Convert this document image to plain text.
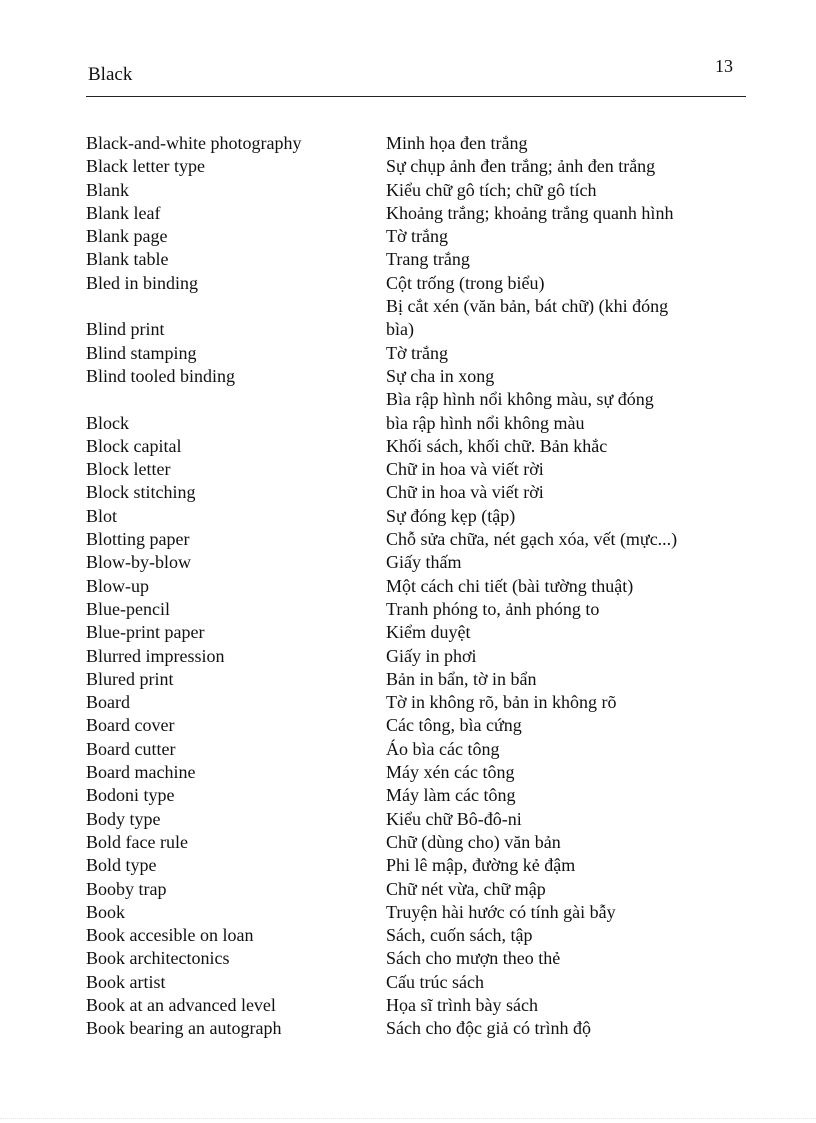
Black	13
Black-and-white photography
Black letter type
Blank
Blank leaf
Blank page
Blank table
Bled in binding
Blind print
Blind stamping
Blind tooled binding
Block
Block capital
Block letter
Block stitching
Blot
Blotting paper
Blow-by-blow
Blow-up
Blue-pencil
Blue-print paper
Blurred impression
Blured print
Board
Board cover
Board cutter
Board machine
Bodoni type
Body type
Bold face rule
Bold type
Booby trap
Book
Book accesible on loan
Book architectonics
Book artist
Book at an advanced level
Book bearing an autograph
Minh họa đen trắng
Sự chụp ảnh đen trắng; ảnh đen trắng
Kiểu chữ gô tích; chữ gô tích
Khoảng trắng; khoảng trắng quanh hình
Tờ trắng
Trang trắng
Cột trống (trong biểu)
Bị cắt xén (văn bản, bát chữ) (khi đóng
bìa)
Tờ trắng
Sự cha in xong
Bìa rập hình nổi không màu, sự đóng
bìa rập hình nổi không màu
Khối sách, khối chữ. Bản khắc
Chữ in hoa và viết rời
Chữ in hoa và viết rời
Sự đóng kẹp (tập)
Chỗ sửa chữa, nét gạch xóa, vết (mực...)
Giấy thấm
Một cách chi tiết (bài tường thuật)
Tranh phóng to, ảnh phóng to
Kiểm duyệt
Giấy in phơi
Bản in bẩn, tờ in bẩn
Tờ in không rõ, bản in không rõ
Các tông, bìa cứng
Áo bìa các tông
Máy xén các tông
Máy làm các tông
Kiểu chữ Bô-đô-ni
Chữ (dùng cho) văn bản
Phi lê mập, đường kẻ đậm
Chữ nét vừa, chữ mập
Truyện hài hước có tính gài bẫy
Sách, cuốn sách, tập
Sách cho mượn theo thẻ
Cấu trúc sách
Họa sĩ trình bày sách
Sách cho độc giả có trình độ
